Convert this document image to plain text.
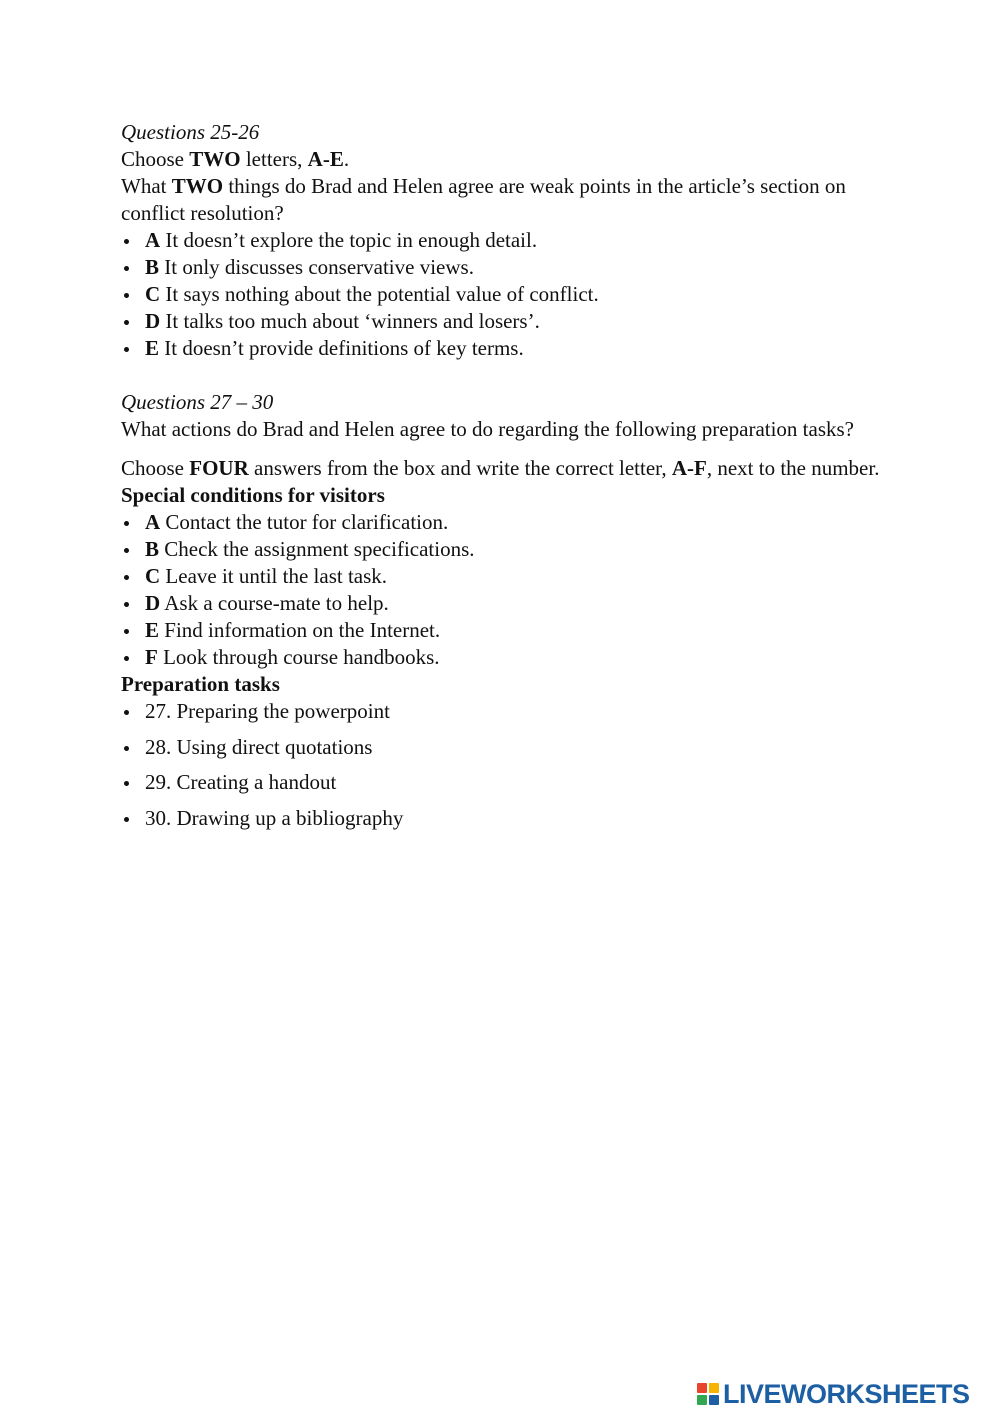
Questions 25-26

Choose TWO letters, A-E.

What TWO things do Brad and Helen agree are weak points in the article’s section on conflict resolution?

A It doesn’t explore the topic in enough detail.
B It only discusses conservative views.
C It says nothing about the potential value of conflict.
D It talks too much about ‘winners and losers’.
E It doesn’t provide definitions of key terms.

Questions 27 – 30

What actions do Brad and Helen agree to do regarding the following preparation tasks?

Choose FOUR answers from the box and write the correct letter, A-F, next to the number.

Special conditions for visitors

A Contact the tutor for clarification.
B Check the assignment specifications.
C Leave it until the last task.
D Ask a course-mate to help.
E Find information on the Internet.
F Look through course handbooks.

Preparation tasks

27. Preparing the powerpoint
28. Using direct quotations
29. Creating a handout
30. Drawing up a bibliography
LIVEWORKSHEETS
